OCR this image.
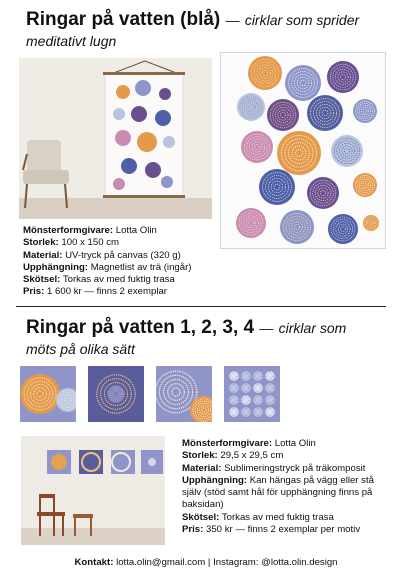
Ringar på vatten (blå) — cirklar som sprider
meditativt lugn
Mönsterformgivare: Lotta Olin
Storlek: 100 x 150 cm
Material: UV-tryck på canvas (320 g)
Upphängning: Magnetlist av trä (ingår)
Skötsel: Torkas av med fuktig trasa
Pris: 1 600 kr — finns 2 exemplar
Ringar på vatten 1, 2, 3, 4 — cirklar som
möts på olika sätt
Mönsterformgivare: Lotta Olin
Storlek: 29,5 x 29,5 cm
Material: Sublimeringstryck på träkomposit
Upphängning: Kan hängas på vägg eller stå
själv (stöd samt hål för upphängning finns på
baksidan)
Skötsel: Torkas av med fuktig trasa
Pris: 350 kr — finns 2 exemplar per motiv
Kontakt: lotta.olin@gmail.com | Instagram: @lotta.olin.design
